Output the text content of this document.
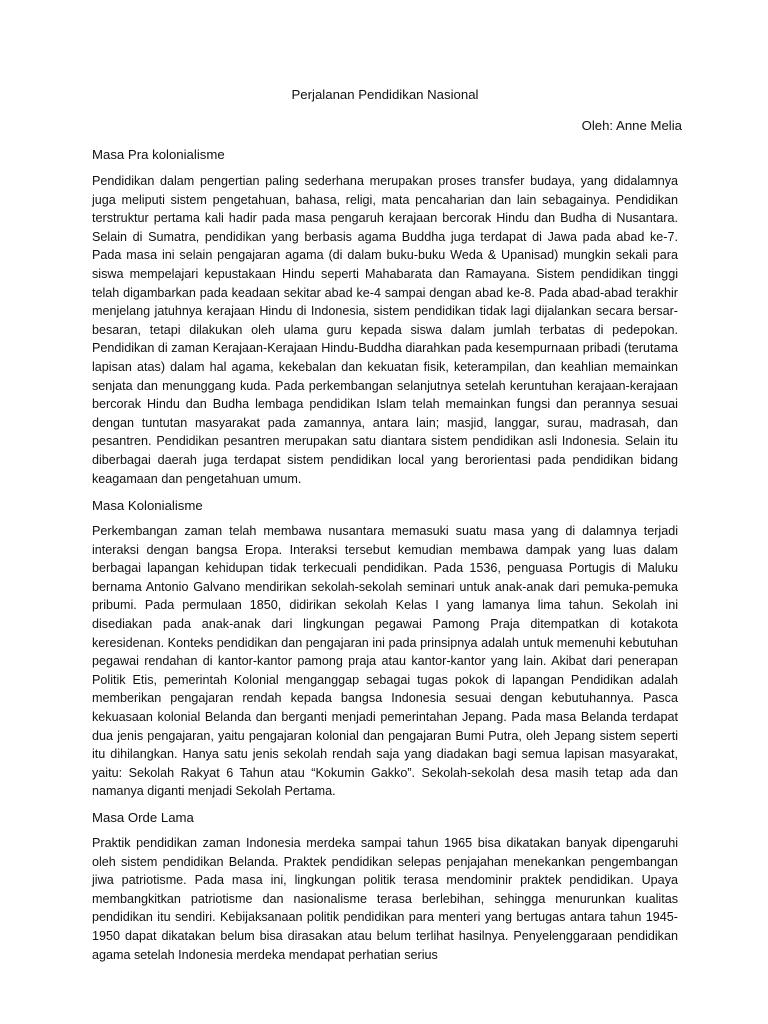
Perjalanan Pendidikan Nasional

Oleh: Anne Melia

Masa Pra kolonialisme

Pendidikan dalam pengertian paling sederhana merupakan proses transfer budaya, yang didalamnya juga meliputi sistem pengetahuan, bahasa, religi, mata pencaharian dan lain sebagainya. Pendidikan terstruktur pertama kali hadir pada masa pengaruh kerajaan bercorak Hindu dan Budha di Nusantara. Selain di Sumatra, pendidikan yang berbasis agama Buddha juga terdapat di Jawa pada abad ke-7. Pada masa ini selain pengajaran agama (di dalam buku-buku Weda & Upanisad) mungkin sekali para siswa mempelajari kepustakaan Hindu seperti Mahabarata dan Ramayana. Sistem pendidikan tinggi telah digambarkan pada keadaan sekitar abad ke-4 sampai dengan abad ke-8. Pada abad-abad terakhir menjelang jatuhnya kerajaan Hindu di Indonesia, sistem pendidikan tidak lagi dijalankan secara bersar-besaran, tetapi dilakukan oleh ulama guru kepada siswa dalam jumlah terbatas di pedepokan. Pendidikan di zaman Kerajaan-Kerajaan Hindu-Buddha diarahkan pada kesempurnaan pribadi (terutama lapisan atas) dalam hal agama, kekebalan dan kekuatan fisik, keterampilan, dan keahlian memainkan senjata dan menunggang kuda. Pada perkembangan selanjutnya setelah keruntuhan kerajaan-kerajaan bercorak Hindu dan Budha lembaga pendidikan Islam telah memainkan fungsi dan perannya sesuai dengan tuntutan masyarakat pada zamannya, antara lain; masjid, langgar, surau, madrasah, dan pesantren. Pendidikan pesantren merupakan satu diantara sistem pendidikan asli Indonesia. Selain itu diberbagai daerah juga terdapat sistem pendidikan local yang berorientasi pada pendidikan bidang keagamaan dan pengetahuan umum.

Masa Kolonialisme

Perkembangan zaman telah membawa nusantara memasuki suatu masa yang di dalamnya terjadi interaksi dengan bangsa Eropa. Interaksi tersebut kemudian membawa dampak yang luas dalam berbagai lapangan kehidupan tidak terkecuali pendidikan. Pada 1536, penguasa Portugis di Maluku bernama Antonio Galvano mendirikan sekolah-sekolah seminari untuk anak-anak dari pemuka-pemuka pribumi. Pada permulaan 1850, didirikan sekolah Kelas I yang lamanya lima tahun. Sekolah ini disediakan pada anak-anak dari lingkungan pegawai Pamong Praja ditempatkan di kotakota keresidenan. Konteks pendidikan dan pengajaran ini pada prinsipnya adalah untuk memenuhi kebutuhan pegawai rendahan di kantor-kantor pamong praja atau kantor-kantor yang lain. Akibat dari penerapan Politik Etis, pemerintah Kolonial menganggap sebagai tugas pokok di lapangan Pendidikan adalah memberikan pengajaran rendah kepada bangsa Indonesia sesuai dengan kebutuhannya. Pasca kekuasaan kolonial Belanda dan berganti menjadi pemerintahan Jepang. Pada masa Belanda terdapat dua jenis pengajaran, yaitu pengajaran kolonial dan pengajaran Bumi Putra, oleh Jepang sistem seperti itu dihilangkan. Hanya satu jenis sekolah rendah saja yang diadakan bagi semua lapisan masyarakat, yaitu: Sekolah Rakyat 6 Tahun atau “Kokumin Gakko”. Sekolah-sekolah desa masih tetap ada dan namanya diganti menjadi Sekolah Pertama.

Masa Orde Lama

Praktik pendidikan zaman Indonesia merdeka sampai tahun 1965 bisa dikatakan banyak dipengaruhi oleh sistem pendidikan Belanda. Praktek pendidikan selepas penjajahan menekankan pengembangan jiwa patriotisme. Pada masa ini, lingkungan politik terasa mendominir praktek pendidikan. Upaya membangkitkan patriotisme dan nasionalisme terasa berlebihan, sehingga menurunkan kualitas pendidikan itu sendiri. Kebijaksanaan politik pendidikan para menteri yang bertugas antara tahun 1945-1950 dapat dikatakan belum bisa dirasakan atau belum terlihat hasilnya. Penyelenggaraan pendidikan agama setelah Indonesia merdeka mendapat perhatian serius
